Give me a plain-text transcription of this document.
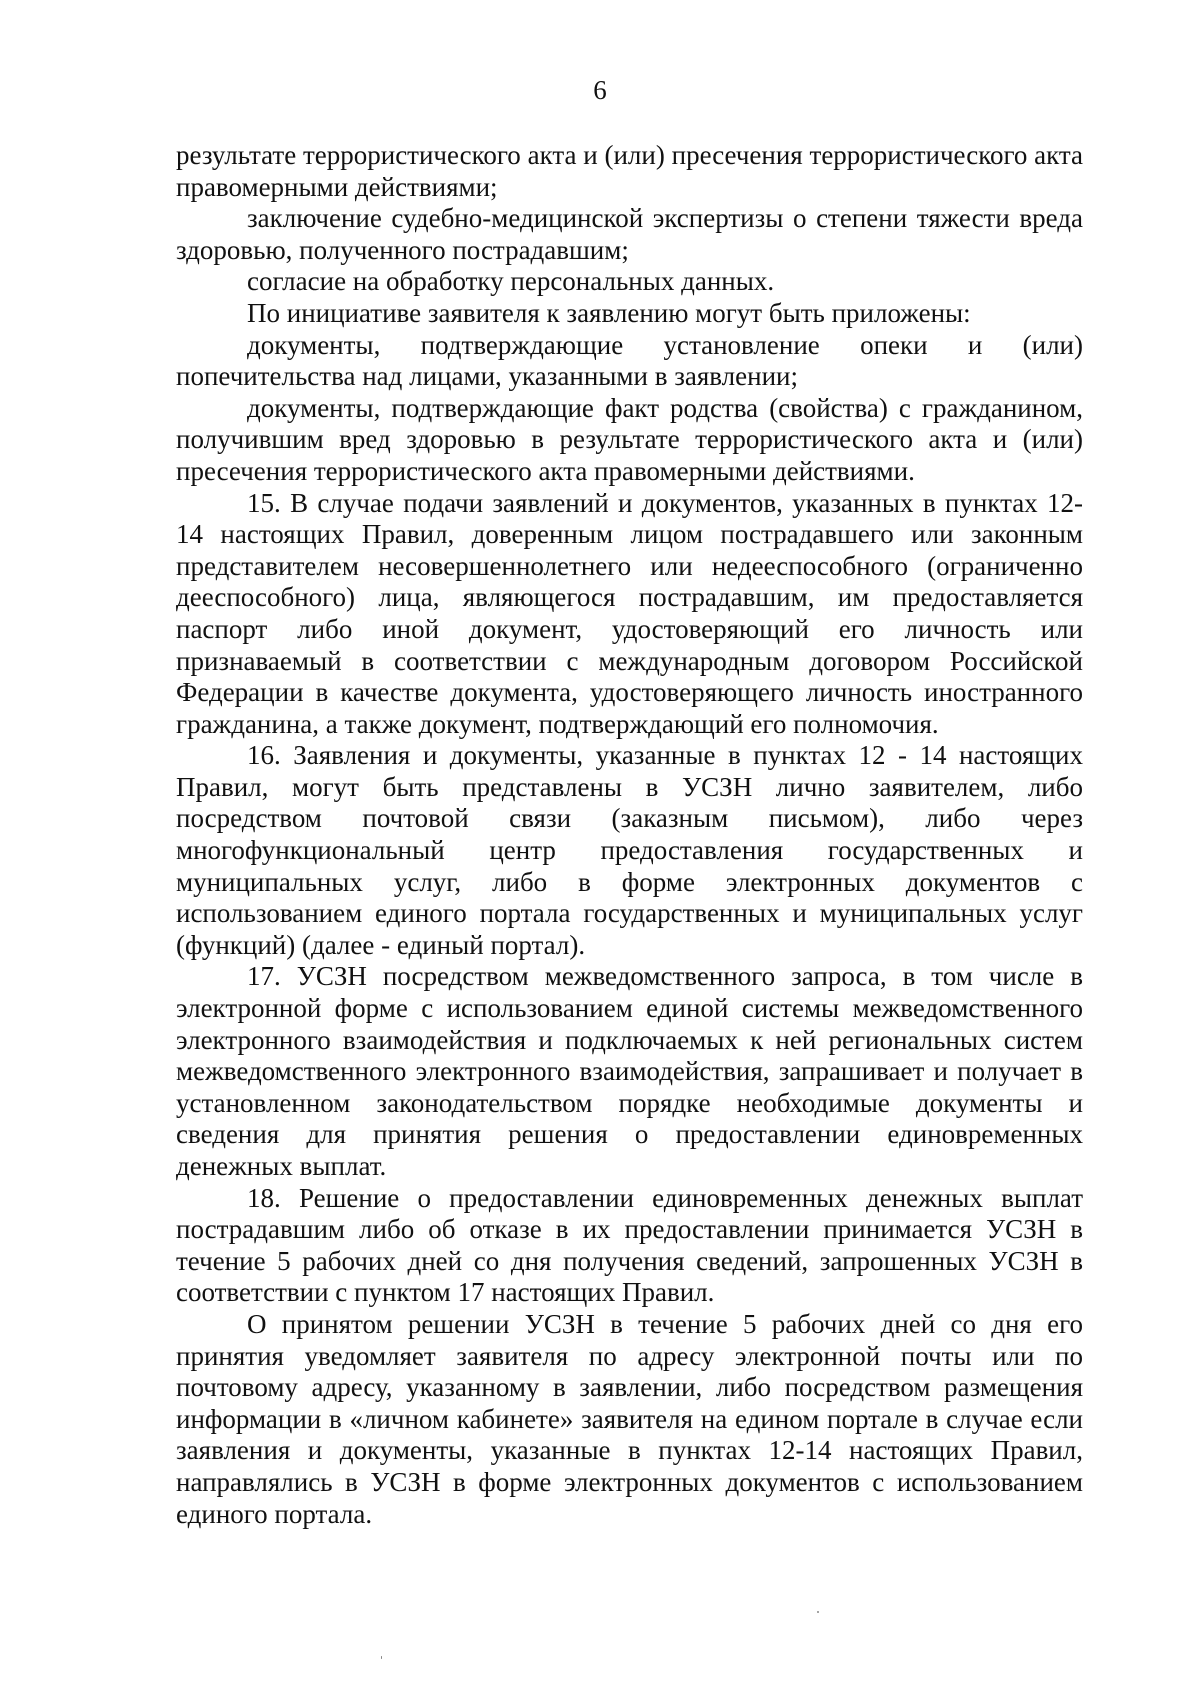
6

результате террористического акта и (или) пресечения террористического акта правомерными действиями;

заключение судебно-медицинской экспертизы о степени тяжести вреда здоровью, полученного пострадавшим;

согласие на обработку персональных данных.

По инициативе заявителя к заявлению могут быть приложены:

документы, подтверждающие установление опеки и (или) попечительства над лицами, указанными в заявлении;

документы, подтверждающие факт родства (свойства) с гражданином, получившим вред здоровью в результате террористического акта и (или) пресечения террористического акта правомерными действиями.

15. В случае подачи заявлений и документов, указанных в пунктах 12-14 настоящих Правил, доверенным лицом пострадавшего или законным представителем несовершеннолетнего или недееспособного (ограниченно дееспособного) лица, являющегося пострадавшим, им предоставляется паспорт либо иной документ, удостоверяющий его личность или признаваемый в соответствии с международным договором Российской Федерации в качестве документа, удостоверяющего личность иностранного гражданина, а также документ, подтверждающий его полномочия.

16. Заявления и документы, указанные в пунктах 12 - 14 настоящих Правил, могут быть представлены в УСЗН лично заявителем, либо посредством почтовой связи (заказным письмом), либо через многофункциональный центр предоставления государственных и муниципальных услуг, либо в форме электронных документов с использованием единого портала государственных и муниципальных услуг (функций) (далее - единый портал).

17. УСЗН посредством межведомственного запроса, в том числе в электронной форме с использованием единой системы межведомственного электронного взаимодействия и подключаемых к ней региональных систем межведомственного электронного взаимодействия, запрашивает и получает в установленном законодательством порядке необходимые документы и сведения для принятия решения о предоставлении единовременных денежных выплат.

18. Решение о предоставлении единовременных денежных выплат пострадавшим либо об отказе в их предоставлении принимается УСЗН в течение 5 рабочих дней со дня получения сведений, запрошенных УСЗН в соответствии с пунктом 17 настоящих Правил.

О принятом решении УСЗН в течение 5 рабочих дней со дня его принятия уведомляет заявителя по адресу электронной почты или по почтовому адресу, указанному в заявлении, либо посредством размещения информации в «личном кабинете» заявителя на едином портале в случае если заявления и документы, указанные в пунктах 12-14 настоящих Правил, направлялись в УСЗН в форме электронных документов с использованием единого портала.
